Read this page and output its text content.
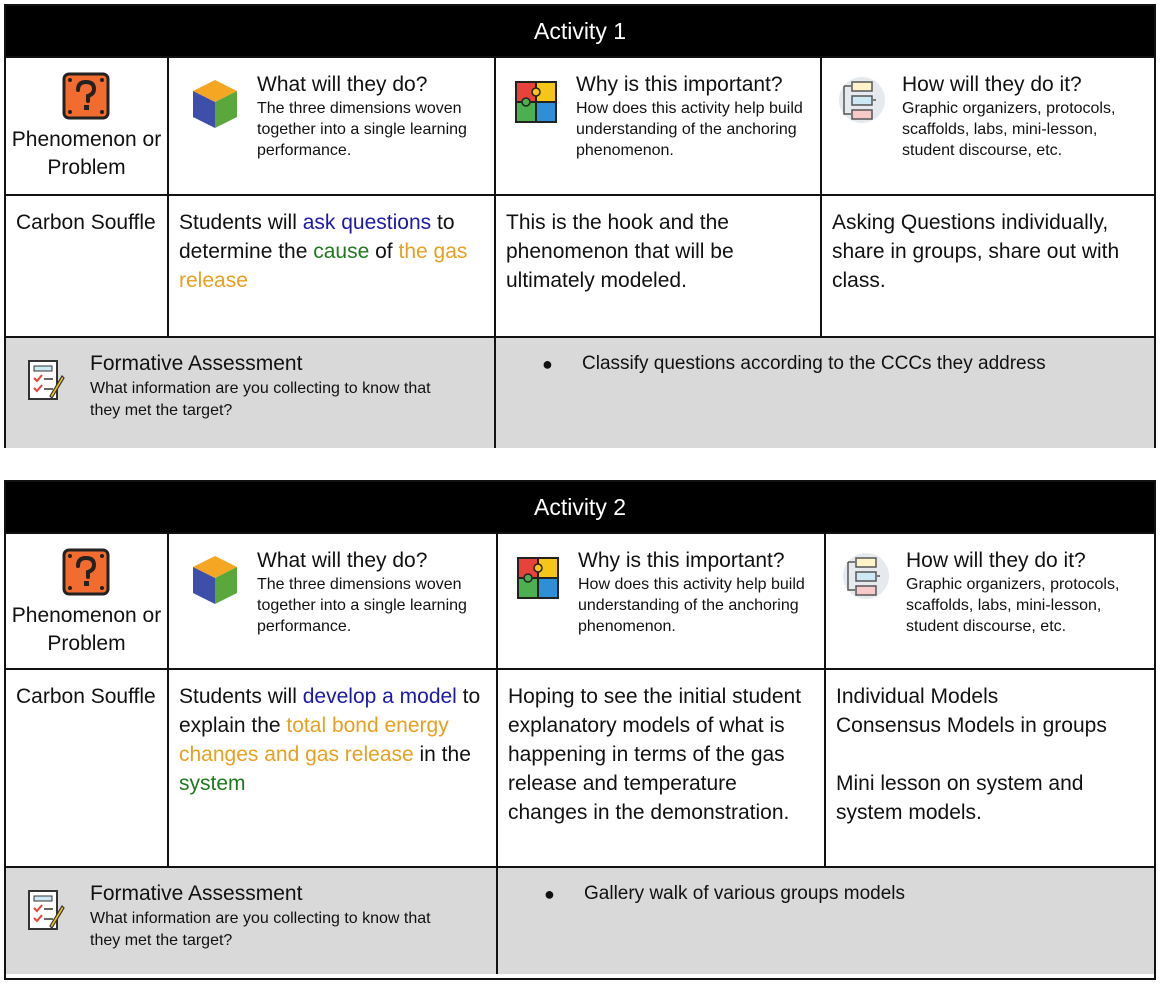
Activity 1
Phenomenon or Problem
What will they do?
The three dimensions woven together into a single learning performance.
Why is this important?
How does this activity help build understanding of the anchoring phenomenon.
How will they do it?
Graphic organizers, protocols, scaffolds, labs, mini-lesson, student discourse, etc.
Carbon Souffle Students will ask questions to determine the cause of the gas release
This is the hook and the phenomenon that will be ultimately modeled.
Asking Questions individually, share in groups, share out with class.
Formative Assessment
What information are you collecting to know that they met the target?
● Classify questions according to the CCCs they address
Activity 2
Phenomenon or Problem
What will they do?
The three dimensions woven together into a single learning performance.
Why is this important?
How does this activity help build understanding of the anchoring phenomenon.
How will they do it?
Graphic organizers, protocols, scaffolds, labs, mini-lesson, student discourse, etc.
Carbon Souffle Students will develop a model to explain the total bond energy changes and gas release in the system
Hoping to see the initial student explanatory models of what is happening in terms of the gas release and temperature changes in the demonstration.
Individual Models
Consensus Models in groups
Mini lesson on system and system models.
Formative Assessment
What information are you collecting to know that they met the target?
● Gallery walk of various groups models
